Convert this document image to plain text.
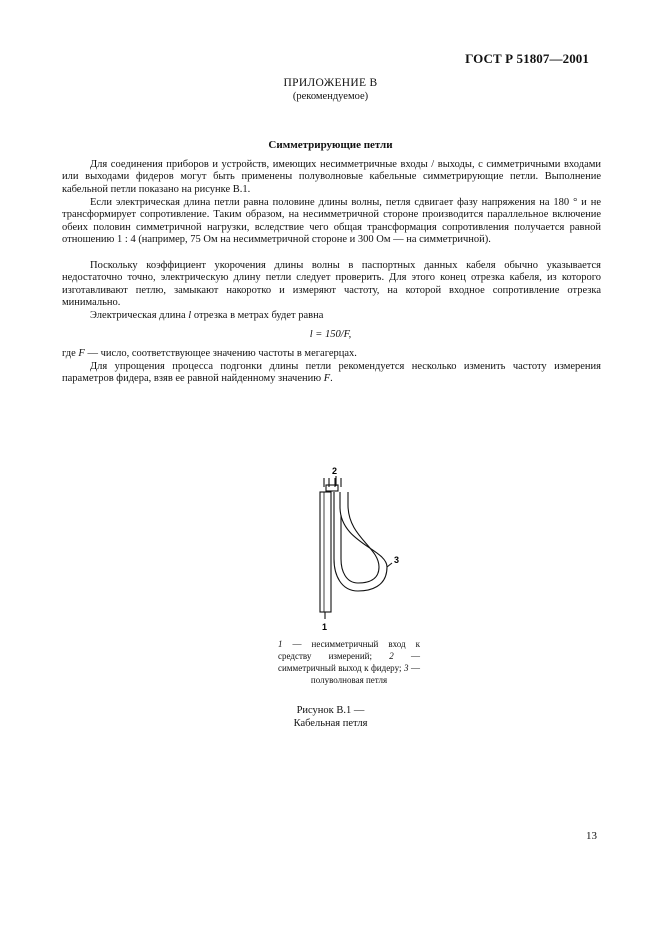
ГОСТ Р 51807—2001
ПРИЛОЖЕНИЕ В
(рекомендуемое)
Симметрирующие петли

Для соединения приборов и устройств, имеющих несимметричные входы / выходы, с симметричными входами или выходами фидеров могут быть применены полуволновые кабельные симметрирующие петли. Выполнение кабельной петли показано на рисунке В.1.

Если электрическая длина петли равна половине длины волны, петля сдвигает фазу напряжения на 180 ° и не трансформирует сопротивление. Таким образом, на несимметричной стороне производится параллельное включение обеих половин симметричной нагрузки, вследствие чего общая трансформация сопротивления получается равной отношению 1 : 4 (например, 75 Ом на несимметричной стороне и 300 Ом — на симметричной).

Поскольку коэффициент укорочения длины волны в паспортных данных кабеля обычно указывается недостаточно точно, электрическую длину петли следует проверить. Для этого конец отрезка кабеля, из которого изготавливают петлю, замыкают накоротко и измеряют частоту, на которой входное сопротивление отрезка минимально.

Электрическая длина l отрезка в метрах будет равна

l = 150/F,

где F — число, соответствующее значению частоты в мегагерцах.

Для упрощения процесса подгонки длины петли рекомендуется несколько изменить частоту измерения параметров фидера, взяв ее равной найденному значению F.

2
3
1
1 — несимметричный вход к средству измерений; 2 — симметричный выход к фидеру; 3 — полуволновая петля
Рисунок В.1 —
Кабельная петля
13
